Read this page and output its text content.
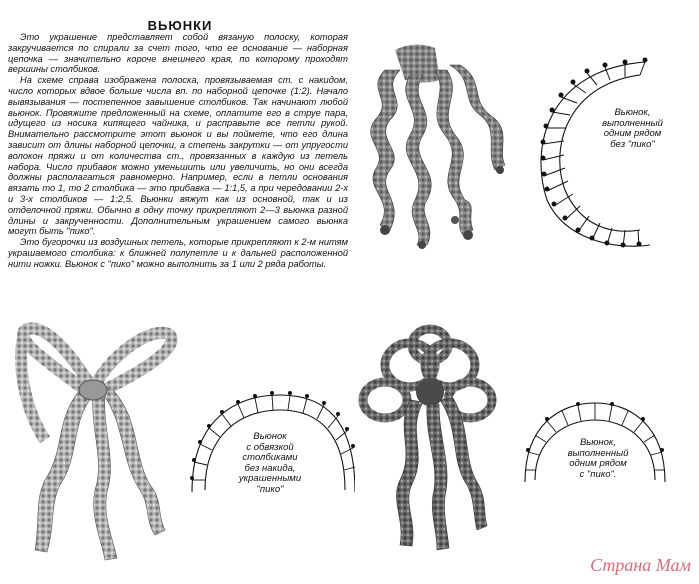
ВЬЮНКИ

Это украшение представляет собой вязаную полоску, которая закручивается по спирали за счет того, что ее основание — наборная цепочка — значительно короче внешнего края, по которому проходят вершины столбиков.

На схеме справа изображена полоска, провязываемая ст. с накидом, число которых вдвое больше числа вп. по наборной цепочке (1:2). Начало вывязывания — постепенное завышение столбиков. Так начинают любой вьюнок. Провяжите предложенный на схеме, оплатите его в струе пара, идущего из носика кипящего чайника, и расправьте все петли рукой. Внимательно рассмотрите этот вьюнок и вы поймете, что его длина зависит от длины наборной цепочки, а степень закрутки — от упругости волокон пряжи и от количества ст., провязанных в каждую из петель набора. Число прибавок можно уменьшить или увеличить, но они всегда должны располагаться равномерно. Например, если в петли основания вязать то 1, то 2 столбика — это прибавка — 1:1,5, а при чередовании 2-х и 3-х столбиков — 1:2,5. Вьюнки вяжут как из основной, так и из отделочной пряжи. Обычно в одну точку прикрепляют 2—3 вьюнка разной длины и закрученности. Дополнительным украшением самого вьюнка могут быть "пико".

Это бугорочки из воздушных петель, которые прикрепляют к 2-м нитям украшаемого столбика: к ближней полупетле и к дальней расположенной нити ножки. Вьюнок с "пико" можно выполнить за 1 или 2 ряда работы.

Вьюнок,
выполненный
одним рядом
без "пико"
Вьюнок
с обвязкой
столбиками
без накида,
украшенными
"пико"
Вьюнок,
выполненный
одним рядом
с "пико".
Страна Мам
